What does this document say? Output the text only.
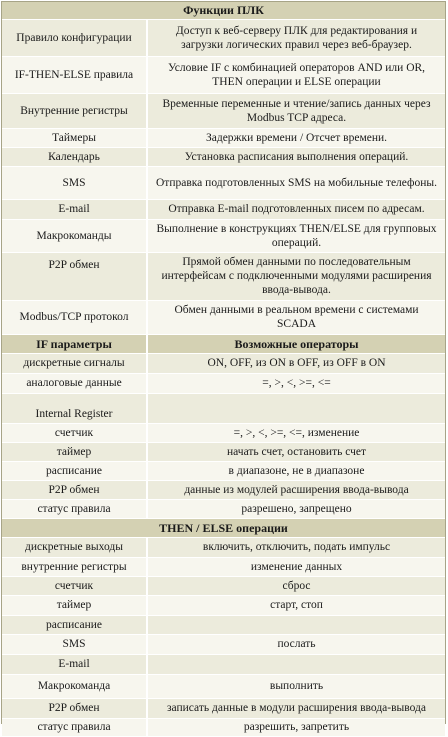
Функции ПЛК	
Правило конфигурации	Доступ к веб-серверу ПЛК для редактирования и загрузки логических правил через веб-браузер.
IF-THEN-ELSE правила	Условие IF с комбинацией операторов AND или OR, THEN операции и ELSE операции
Внутренние регистры	Временные переменные и чтение/запись данных через Modbus TCP адреса.
Таймеры	Задержки времени / Отсчет времени.
Календарь	Установка расписания выполнения операций.
SMS	Отправка подготовленных SMS на мобильные телефоны.
E-mail	Отправка E-mail подготовленных писем по адресам.
Макрокоманды	Выполнение в конструкциях THEN/ELSE для групповых операций.
P2P обмен	Прямой обмен данными по последовательным интерфейсам с подключенными модулями расширения ввода-вывода.
Modbus/TCP протокол	Обмен данными в реальном времени с системами SCADA
IF параметры	Возможные операторы
дискретные сигналы	ON, OFF, из ON в OFF, из OFF в ON
аналоговые данные	=, >, <, >=, <=
Internal Register	
счетчик	=, >, <, >=, <=, изменение
таймер	начать счет, остановить счет
расписание	в диапазоне, не в диапазоне
P2P обмен	данные из модулей расширения ввода-вывода
статус правила	разрешено, запрещено
THEN / ELSE операции	
дискретные выходы	включить, отключить, подать импульс
внутренние регистры	изменение данных
счетчик	сброс
таймер	старт, стоп
расписание	
SMS	послать
E-mail	
Макрокоманда	выполнить
P2P обмен	записать данные в модули расширения ввода-вывода
статус правила	разрешить, запретить
